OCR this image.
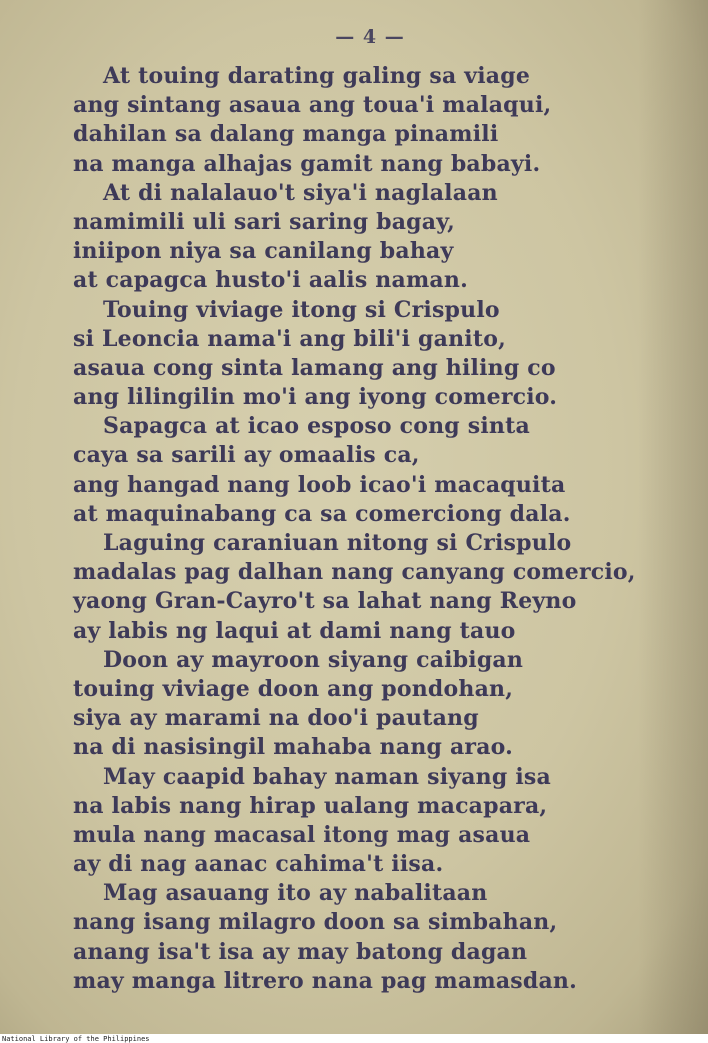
— 4 —
At touing darating galing sa viage
ang sintang asaua ang toua'i malaqui,
dahilan sa dalang manga pinamili
na manga alhajas gamit nang babayi.
At di nalalauo't siya'i naglalaan
namimili uli sari saring bagay,
iniipon niya sa canilang bahay
at capagca husto'i aalis naman.
Touing viviage itong si Crispulo
si Leoncia nama'i ang bili'i ganito,
asaua cong sinta lamang ang hiling co
ang lilingilin mo'i ang iyong comercio.
Sapagca at icao esposo cong sinta
caya sa sarili ay omaalis ca,
ang hangad nang loob icao'i macaquita
at maquinabang ca sa comerciong dala.
Laguing caraniuan nitong si Crispulo
madalas pag dalhan nang canyang comercio,
yaong Gran-Cayro't sa lahat nang Reyno
ay labis ng laqui at dami nang tauo
Doon ay mayroon siyang caibigan
touing viviage doon ang pondohan,
siya ay marami na doo'i pautang
na di nasisingil mahaba nang arao.
May caapid bahay naman siyang isa
na labis nang hirap ualang macapara,
mula nang macasal itong mag asaua
ay di nag aanac cahima't iisa.
Mag asauang ito ay nabalitaan
nang isang milagro doon sa simbahan,
anang isa't isa ay may batong dagan
may manga litrero nana pag mamasdan.
National Library of the Philippines
